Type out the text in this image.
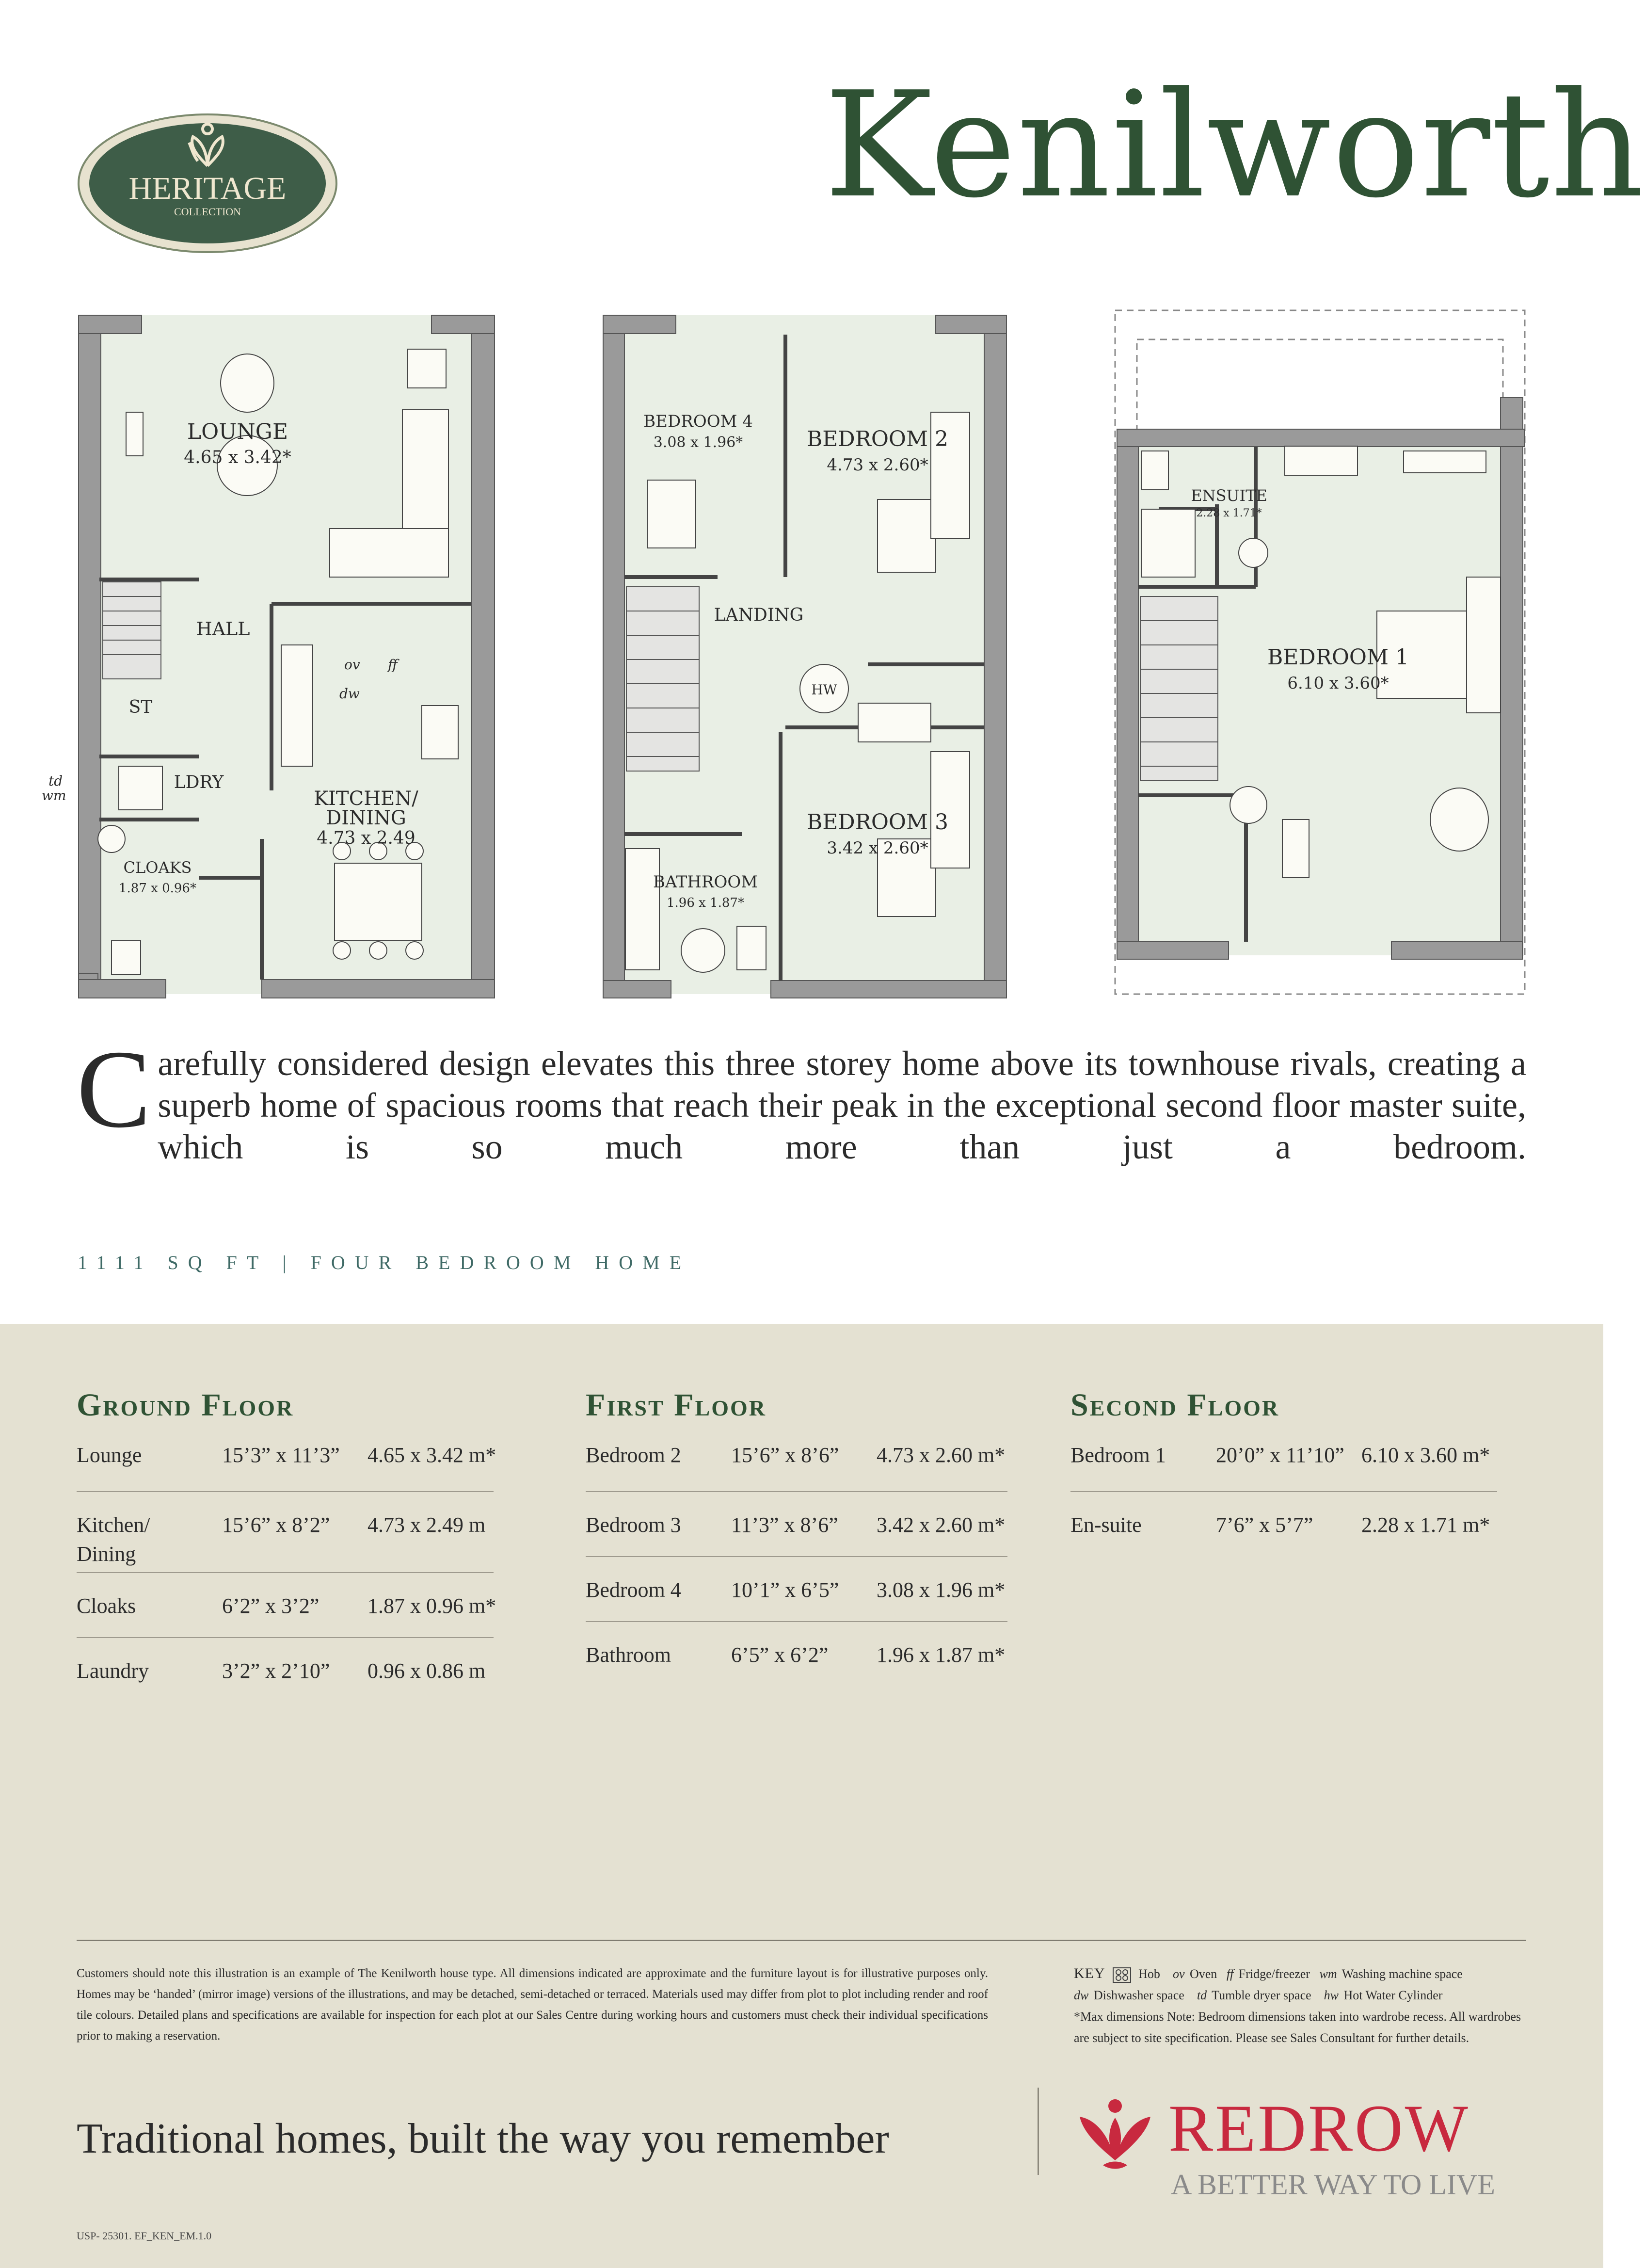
HERITAGE
COLLECTION	Kenilworth
LOUNGE
4.65 x 3.42*
HALL
ST
LDRY
KITCHEN/
DINING
4.73 x 2.49
CLOAKS
1.87 x 0.96*
ov ff
dw
td
wm
BEDROOM 4
3.08 x 1.96*	BEDROOM 2
4.73 x 2.60*
LANDING
HW
BEDROOM 3
3.42 x 2.60*
BATHROOM
1.96 x 1.87*
ENSUITE
2.28 x 1.71*
BEDROOM 1
6.10 x 3.60*
Carefully considered design elevates this three storey home above its townhouse rivals, creating a superb home of spacious rooms that reach their peak in the exceptional second floor master suite, which is so much more than just a bedroom.
1111 SQ FT | FOUR BEDROOM HOME
Ground Floor
Lounge	15’3” x 11’3” 4.65 x 3.42 m*
Kitchen/
Dining
15’6” x 8’2” 4.73 x 2.49 m
Cloaks	6’2” x 3’2” 1.87 x 0.96 m*
Laundry	3’2” x 2’10” 0.96 x 0.86 m
First Floor
Bedroom 2 15’6” x 8’6” 4.73 x 2.60 m*
Bedroom 3 11’3” x 8’6” 3.42 x 2.60 m*
Bedroom 4 10’1” x 6’5” 3.08 x 1.96 m*
Bathroom	6’5” x 6’2” 1.96 x 1.87 m*
Second Floor
Bedroom 1 20’0” x 11’10” 6.10 x 3.60 m*
En-suite	7’6” x 5’7” 2.28 x 1.71 m*
Customers should note this illustration is an example of The Kenilworth house type. All dimensions indicated are approximate and the furniture layout is for illustrative purposes only. Homes may be ‘handed’ (mirror image) versions of the illustrations, and may be detached, semi-detached or terraced. Materials used may differ from plot to plot including render and roof tile colours. Detailed plans and specifications are available for inspection for each plot at our Sales Centre during working hours and customers must check their individual specifications prior to making a reservation.
KEY	Hob ov Oven ff Fridge/freezer wm Washing machine space
dw Dishwasher space td Tumble dryer space hw Hot Water Cylinder
*Max dimensions Note: Bedroom dimensions taken into wardrobe recess. All wardrobes are subject to site specification. Please see Sales Consultant for further details.
Traditional homes, built the way you remember	REDROW
A BETTER WAY TO LIVE
USP- 25301. EF_KEN_EM.1.0
